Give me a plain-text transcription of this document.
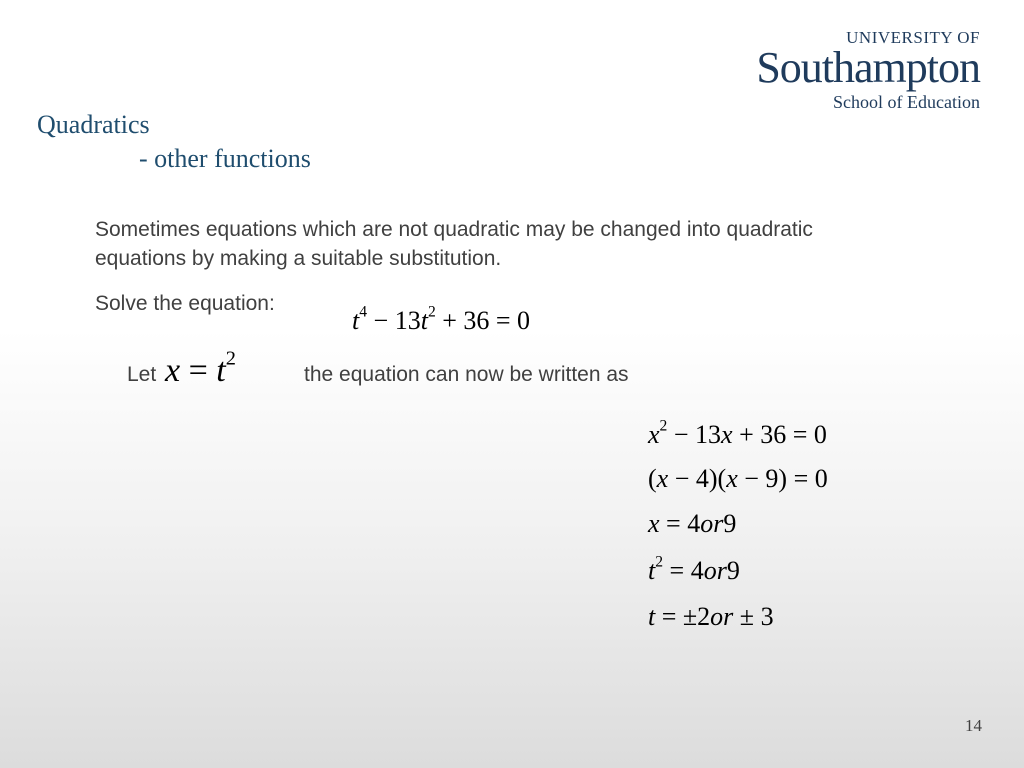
UNIVERSITY OF
Southampton
School of Education
Quadratics
- other functions
Sometimes equations which are not quadratic may be changed into quadratic equations by making a suitable substitution.
Solve the equation:
$t^4 - 13t^2 + 36 = 0$
Let $x = t^2$
the equation can now be written as
$x^2 - 13x + 36 = 0$
(x − 4)(x − 9) = 0
x = 4or9
$t^2 = 4or9$
t = ±2or ± 3
14
